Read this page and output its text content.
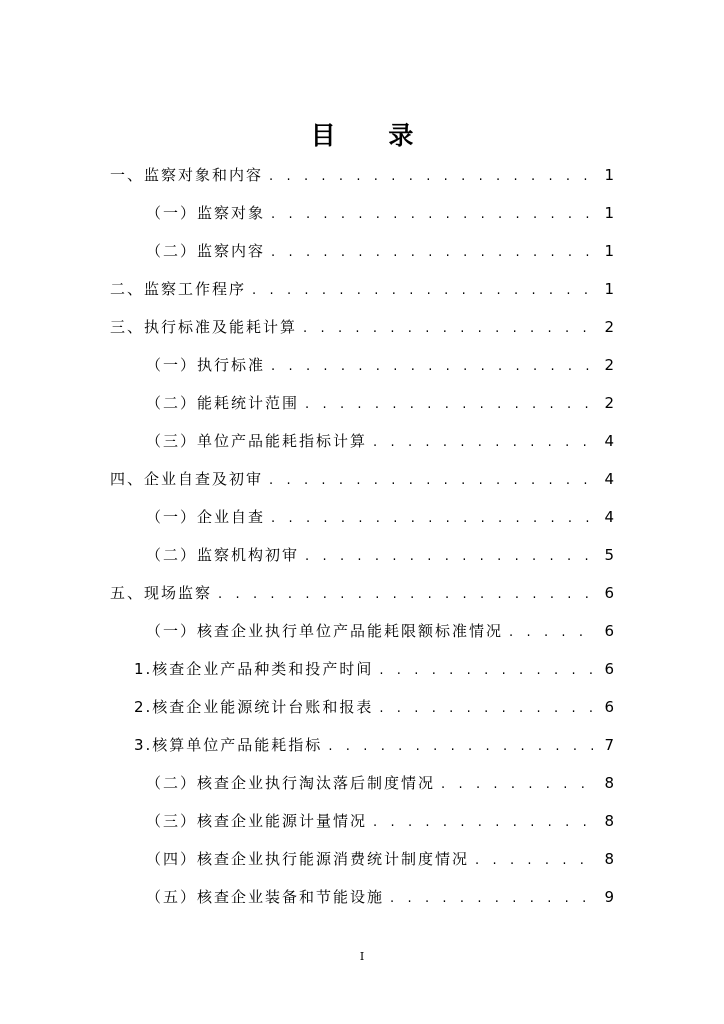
目 录
一、监察对象和内容 . . .	1
（一）监察对象 . . .	1
（二）监察内容 . . .	1
二、监察工作程序 . . .	1
三、执行标准及能耗计算 . . .	2
（一）执行标准 . . .	2
（二）能耗统计范围 . . .	2
（三）单位产品能耗指标计算 . . .	4
四、企业自查及初审 . . .	4
（一）企业自查 . . .	4
（二）监察机构初审 . . .	5
五、现场监察 . . .	6
（一）核查企业执行单位产品能耗限额标准情况 . . .	6
1.核查企业产品种类和投产时间 . . .	6
2.核查企业能源统计台账和报表 . . .	6
3.核算单位产品能耗指标 . . .	7
（二）核查企业执行淘汰落后制度情况 . . .	8
（三）核查企业能源计量情况 . . .	8
（四）核查企业执行能源消费统计制度情况 . . .	8
（五）核查企业装备和节能设施 . . .	9
I
